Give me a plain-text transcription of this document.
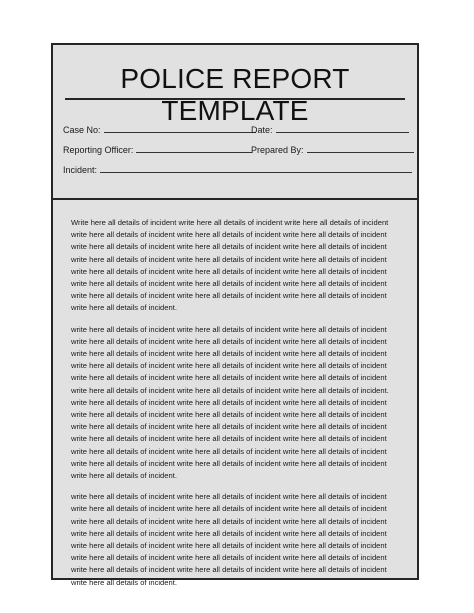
POLICE REPORT TEMPLATE
Case No:	Date:
Reporting Officer:	Prepared By:
Incident:

Write here all details of incident write here all details of incident write here all details of incident write here all details of incident write here all details of incident write here all details of incident write here all details of incident write here all details of incident write here all details of incident write here all details of incident write here all details of incident write here all details of incident write here all details of incident write here all details of incident write here all details of incident write here all details of incident write here all details of incident write here all details of incident write here all details of incident write here all details of incident write here all details of incident write here all details of incident.

write here all details of incident write here all details of incident write here all details of incident write here all details of incident write here all details of incident write here all details of incident write here all details of incident write here all details of incident write here all details of incident write here all details of incident write here all details of incident write here all details of incident write here all details of incident write here all details of incident write here all details of incident write here all details of incident write here all details of incident write here all details of incident. write here all details of incident write here all details of incident write here all details of incident write here all details of incident write here all details of incident write here all details of incident write here all details of incident write here all details of incident write here all details of incident write here all details of incident write here all details of incident write here all details of incident write here all details of incident write here all details of incident write here all details of incident write here all details of incident write here all details of incident write here all details of incident write here all details of incident.

write here all details of incident write here all details of incident write here all details of incident write here all details of incident write here all details of incident write here all details of incident write here all details of incident write here all details of incident write here all details of incident write here all details of incident write here all details of incident write here all details of incident write here all details of incident write here all details of incident write here all details of incident write here all details of incident write here all details of incident write here all details of incident write here all details of incident write here all details of incident write here all details of incident write here all details of incident.
